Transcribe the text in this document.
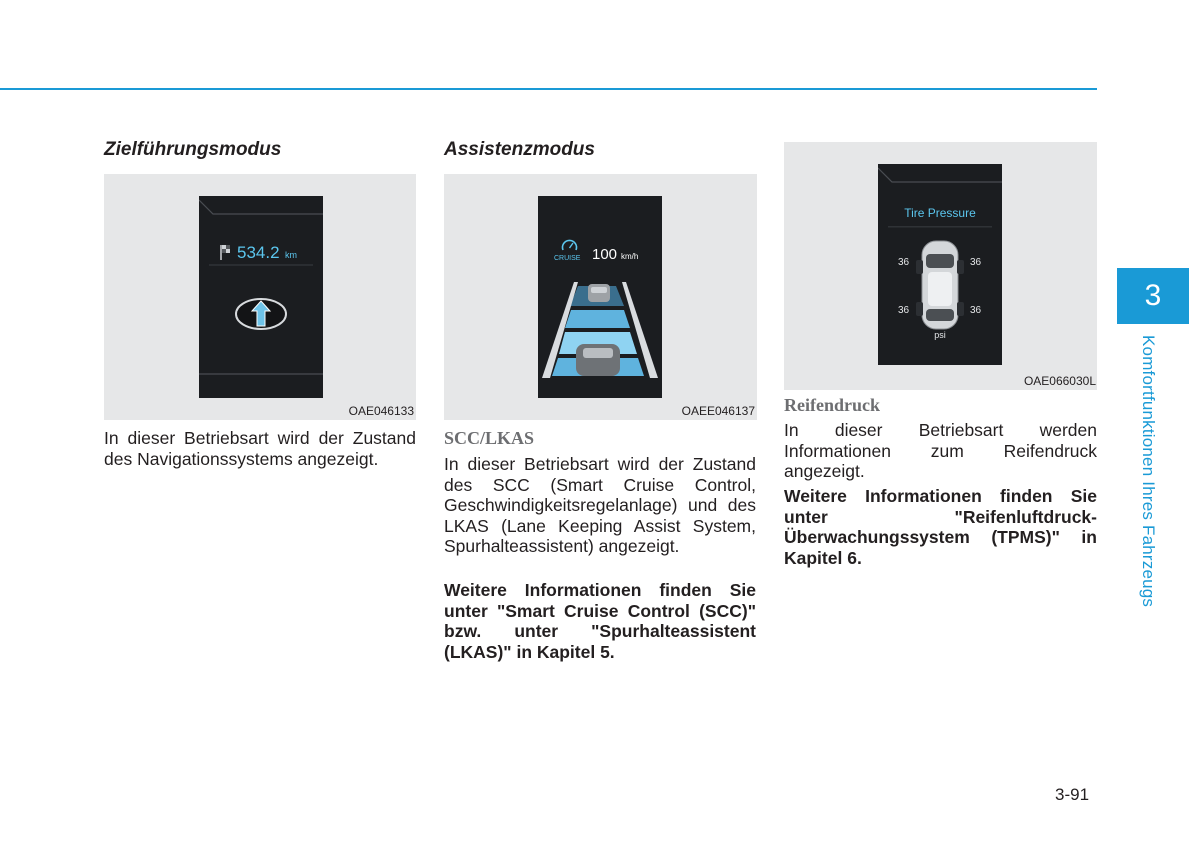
Zielführungsmodus
534.2 km
OAE046133

In dieser Betriebsart wird der Zustand des Navigationssystems angezeigt.

Assistenzmodus
CRUISE 100 km/h
OAEE046137
SCC/LKAS

In dieser Betriebsart wird der Zustand des SCC (Smart Cruise Control, Geschwindigkeitsregelanlage) und des LKAS (Lane Keeping Assist System, Spurhalteassistent) angezeigt.

Weitere Informationen finden Sie unter "Smart Cruise Control (SCC)" bzw. unter "Spurhalteassistent (LKAS)" in Kapitel 5.

Tire Pressure
36	36
36	36
psi
OAE066030L
Reifendruck

In dieser Betriebsart werden Informationen zum Reifendruck angezeigt.

Weitere Informationen finden Sie unter "Reifenluftdruck-Überwachungssystem (TPMS)" in Kapitel 6.

3
Komfortfunktionen Ihres Fahrzeugs
3-91
